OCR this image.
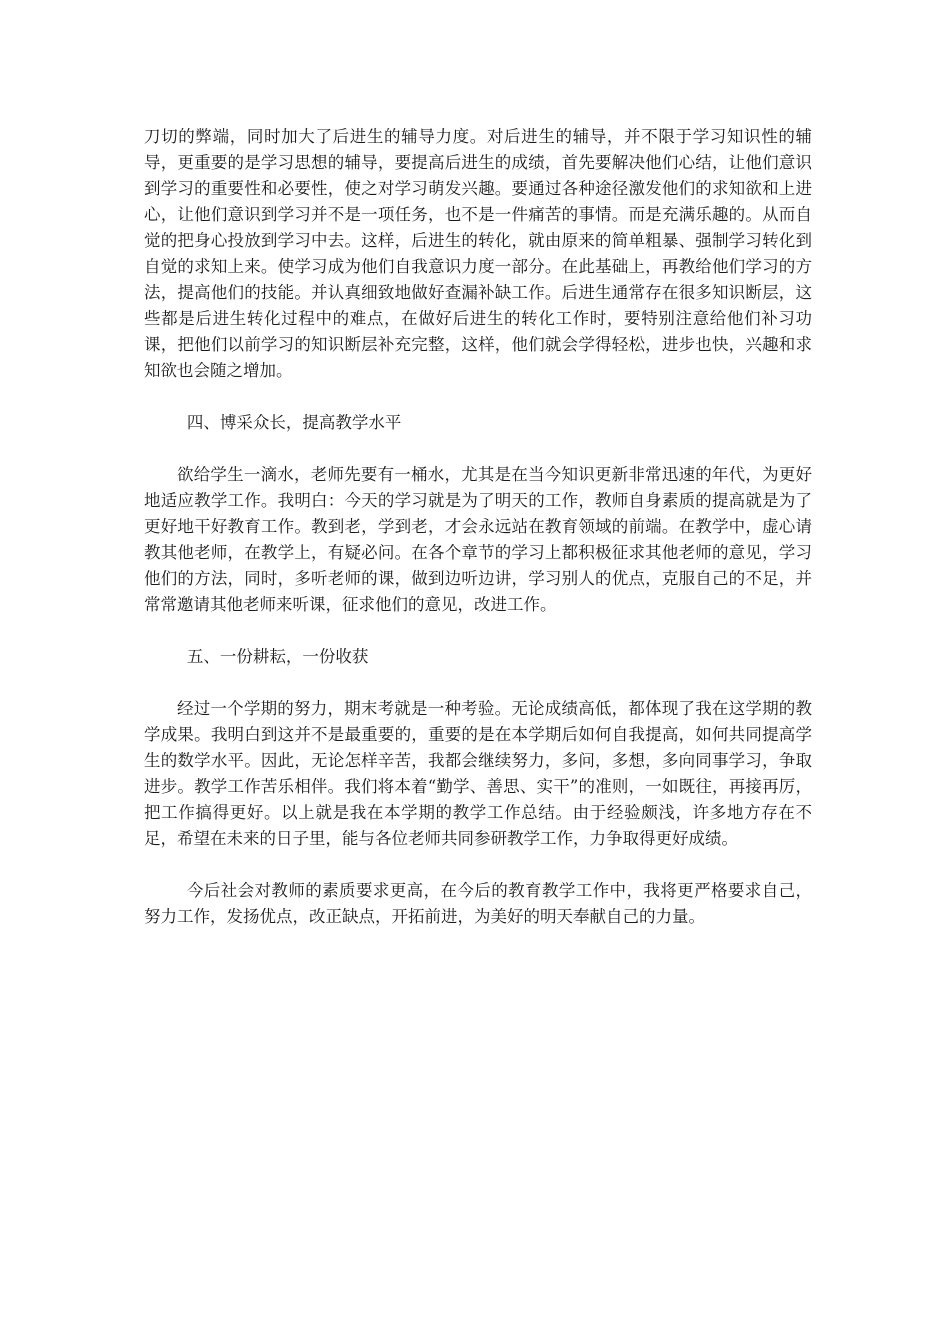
刀切的弊端，同时加大了后进生的辅导力度。对后进生的辅导，并不限于学习知识性的辅导，更重要的是学习思想的辅导，要提高后进生的成绩，首先要解决他们心结，让他们意识到学习的重要性和必要性，使之对学习萌发兴趣。要通过各种途径激发他们的求知欲和上进心，让他们意识到学习并不是一项任务，也不是一件痛苦的事情。而是充满乐趣的。从而自觉的把身心投放到学习中去。这样，后进生的转化，就由原来的简单粗暴、强制学习转化到自觉的求知上来。使学习成为他们自我意识力度一部分。在此基础上，再教给他们学习的方法，提高他们的技能。并认真细致地做好查漏补缺工作。后进生通常存在很多知识断层，这些都是后进生转化过程中的难点，在做好后进生的转化工作时，要特别注意给他们补习功课，把他们以前学习的知识断层补充完整，这样，他们就会学得轻松，进步也快，兴趣和求知欲也会随之增加。

四、博采众长，提高教学水平

欲给学生一滴水，老师先要有一桶水，尤其是在当今知识更新非常迅速的年代，为更好地适应教学工作。我明白：今天的学习就是为了明天的工作，教师自身素质的提高就是为了更好地干好教育工作。教到老，学到老，才会永远站在教育领域的前端。在教学中，虚心请教其他老师，在教学上，有疑必问。在各个章节的学习上都积极征求其他老师的意见，学习他们的方法，同时，多听老师的课，做到边听边讲，学习别人的优点，克服自己的不足，并常常邀请其他老师来听课，征求他们的意见，改进工作。

五、一份耕耘，一份收获

经过一个学期的努力，期末考就是一种考验。无论成绩高低，都体现了我在这学期的教学成果。我明白到这并不是最重要的，重要的是在本学期后如何自我提高，如何共同提高学生的数学水平。因此，无论怎样辛苦，我都会继续努力，多问，多想，多向同事学习，争取进步。教学工作苦乐相伴。我们将本着“勤学、善思、实干”的准则，一如既往，再接再厉，把工作搞得更好。以上就是我在本学期的教学工作总结。由于经验颇浅，许多地方存在不足，希望在未来的日子里，能与各位老师共同参研教学工作，力争取得更好成绩。

今后社会对教师的素质要求更高，在今后的教育教学工作中，我将更严格要求自己，努力工作，发扬优点，改正缺点，开拓前进，为美好的明天奉献自己的力量。
